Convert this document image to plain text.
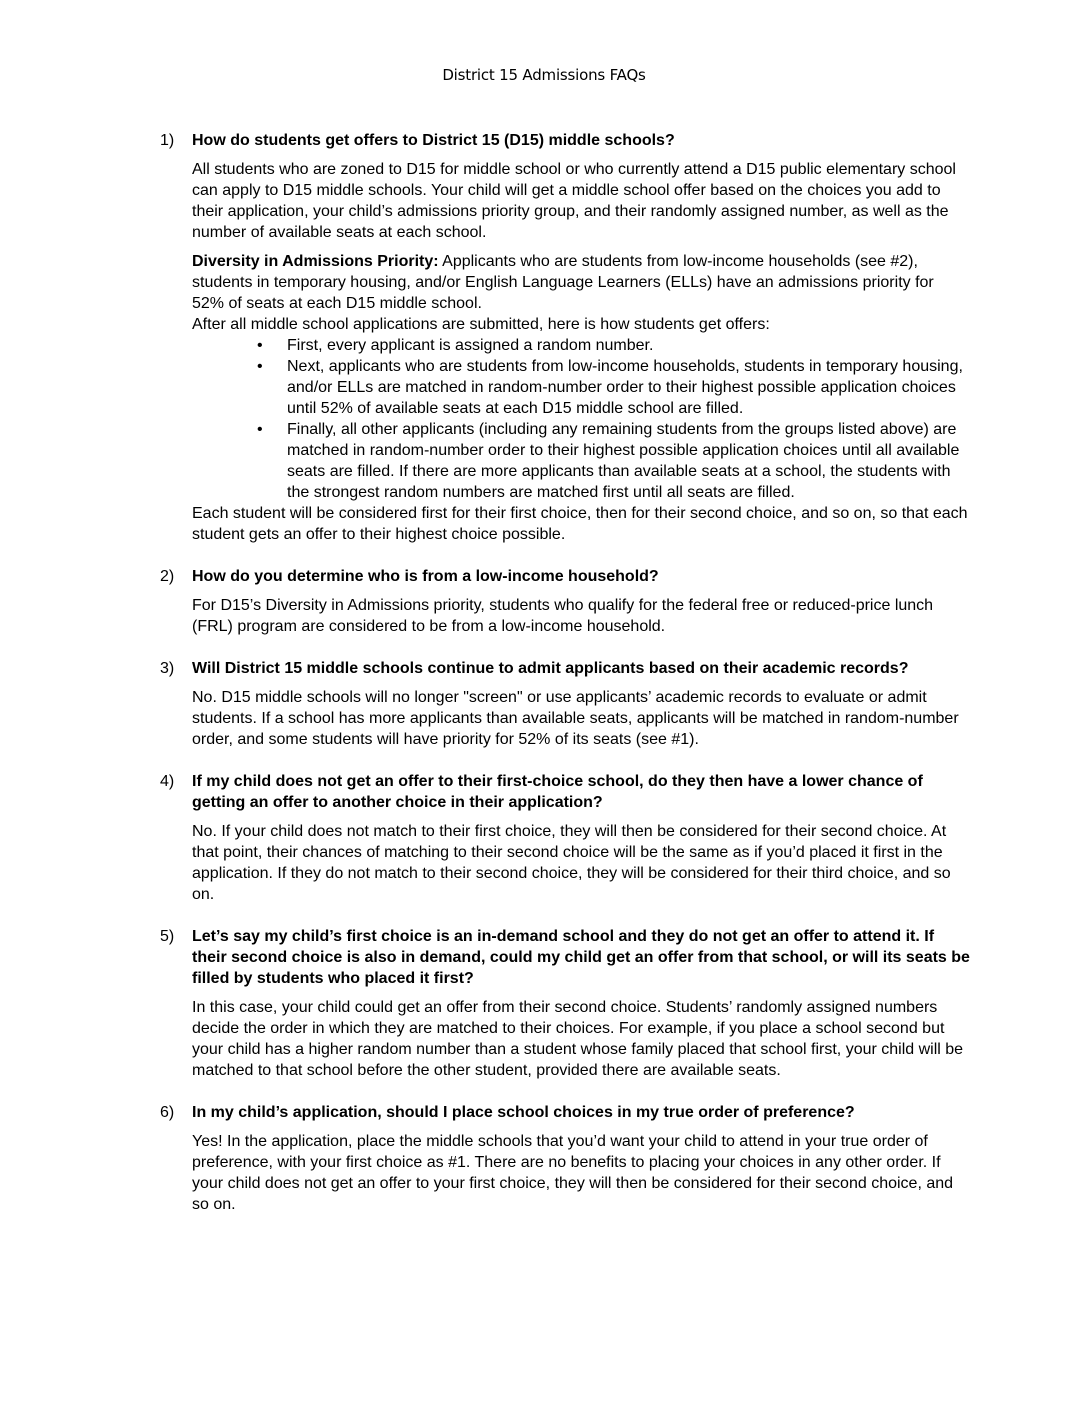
District 15 Admissions FAQs
1) How do students get offers to District 15 (D15) middle schools?

All students who are zoned to D15 for middle school or who currently attend a D15 public elementary school can apply to D15 middle schools. Your child will get a middle school offer based on the choices you add to their application, your child’s admissions priority group, and their randomly assigned number, as well as the number of available seats at each school.

Diversity in Admissions Priority: Applicants who are students from low-income households (see #2), students in temporary housing, and/or English Language Learners (ELLs) have an admissions priority for 52% of seats at each D15 middle school.

After all middle school applications are submitted, here is how students get offers:

• First, every applicant is assigned a random number.
• Next, applicants who are students from low-income households, students in temporary housing, and/or ELLs are matched in random-number order to their highest possible application choices until 52% of available seats at each D15 middle school are filled.
• Finally, all other applicants (including any remaining students from the groups listed above) are matched in random-number order to their highest possible application choices until all available seats are filled. If there are more applicants than available seats at a school, the students with the strongest random numbers are matched first until all seats are filled.

Each student will be considered first for their first choice, then for their second choice, and so on, so that each student gets an offer to their highest choice possible.

2) How do you determine who is from a low-income household?

For D15’s Diversity in Admissions priority, students who qualify for the federal free or reduced-price lunch (FRL) program are considered to be from a low-income household.

3) Will District 15 middle schools continue to admit applicants based on their academic records?

No. D15 middle schools will no longer "screen" or use applicants’ academic records to evaluate or admit students. If a school has more applicants than available seats, applicants will be matched in random-number order, and some students will have priority for 52% of its seats (see #1).

4) If my child does not get an offer to their first-choice school, do they then have a lower chance of getting an offer to another choice in their application?

No. If your child does not match to their first choice, they will then be considered for their second choice. At that point, their chances of matching to their second choice will be the same as if you’d placed it first in the application. If they do not match to their second choice, they will be considered for their third choice, and so on.

5) Let’s say my child’s first choice is an in-demand school and they do not get an offer to attend it. If their second choice is also in demand, could my child get an offer from that school, or will its seats be filled by students who placed it first?

In this case, your child could get an offer from their second choice. Students’ randomly assigned numbers decide the order in which they are matched to their choices. For example, if you place a school second but your child has a higher random number than a student whose family placed that school first, your child will be matched to that school before the other student, provided there are available seats.

6) In my child’s application, should I place school choices in my true order of preference?

Yes! In the application, place the middle schools that you’d want your child to attend in your true order of preference, with your first choice as #1. There are no benefits to placing your choices in any other order. If your child does not get an offer to your first choice, they will then be considered for their second choice, and so on.
